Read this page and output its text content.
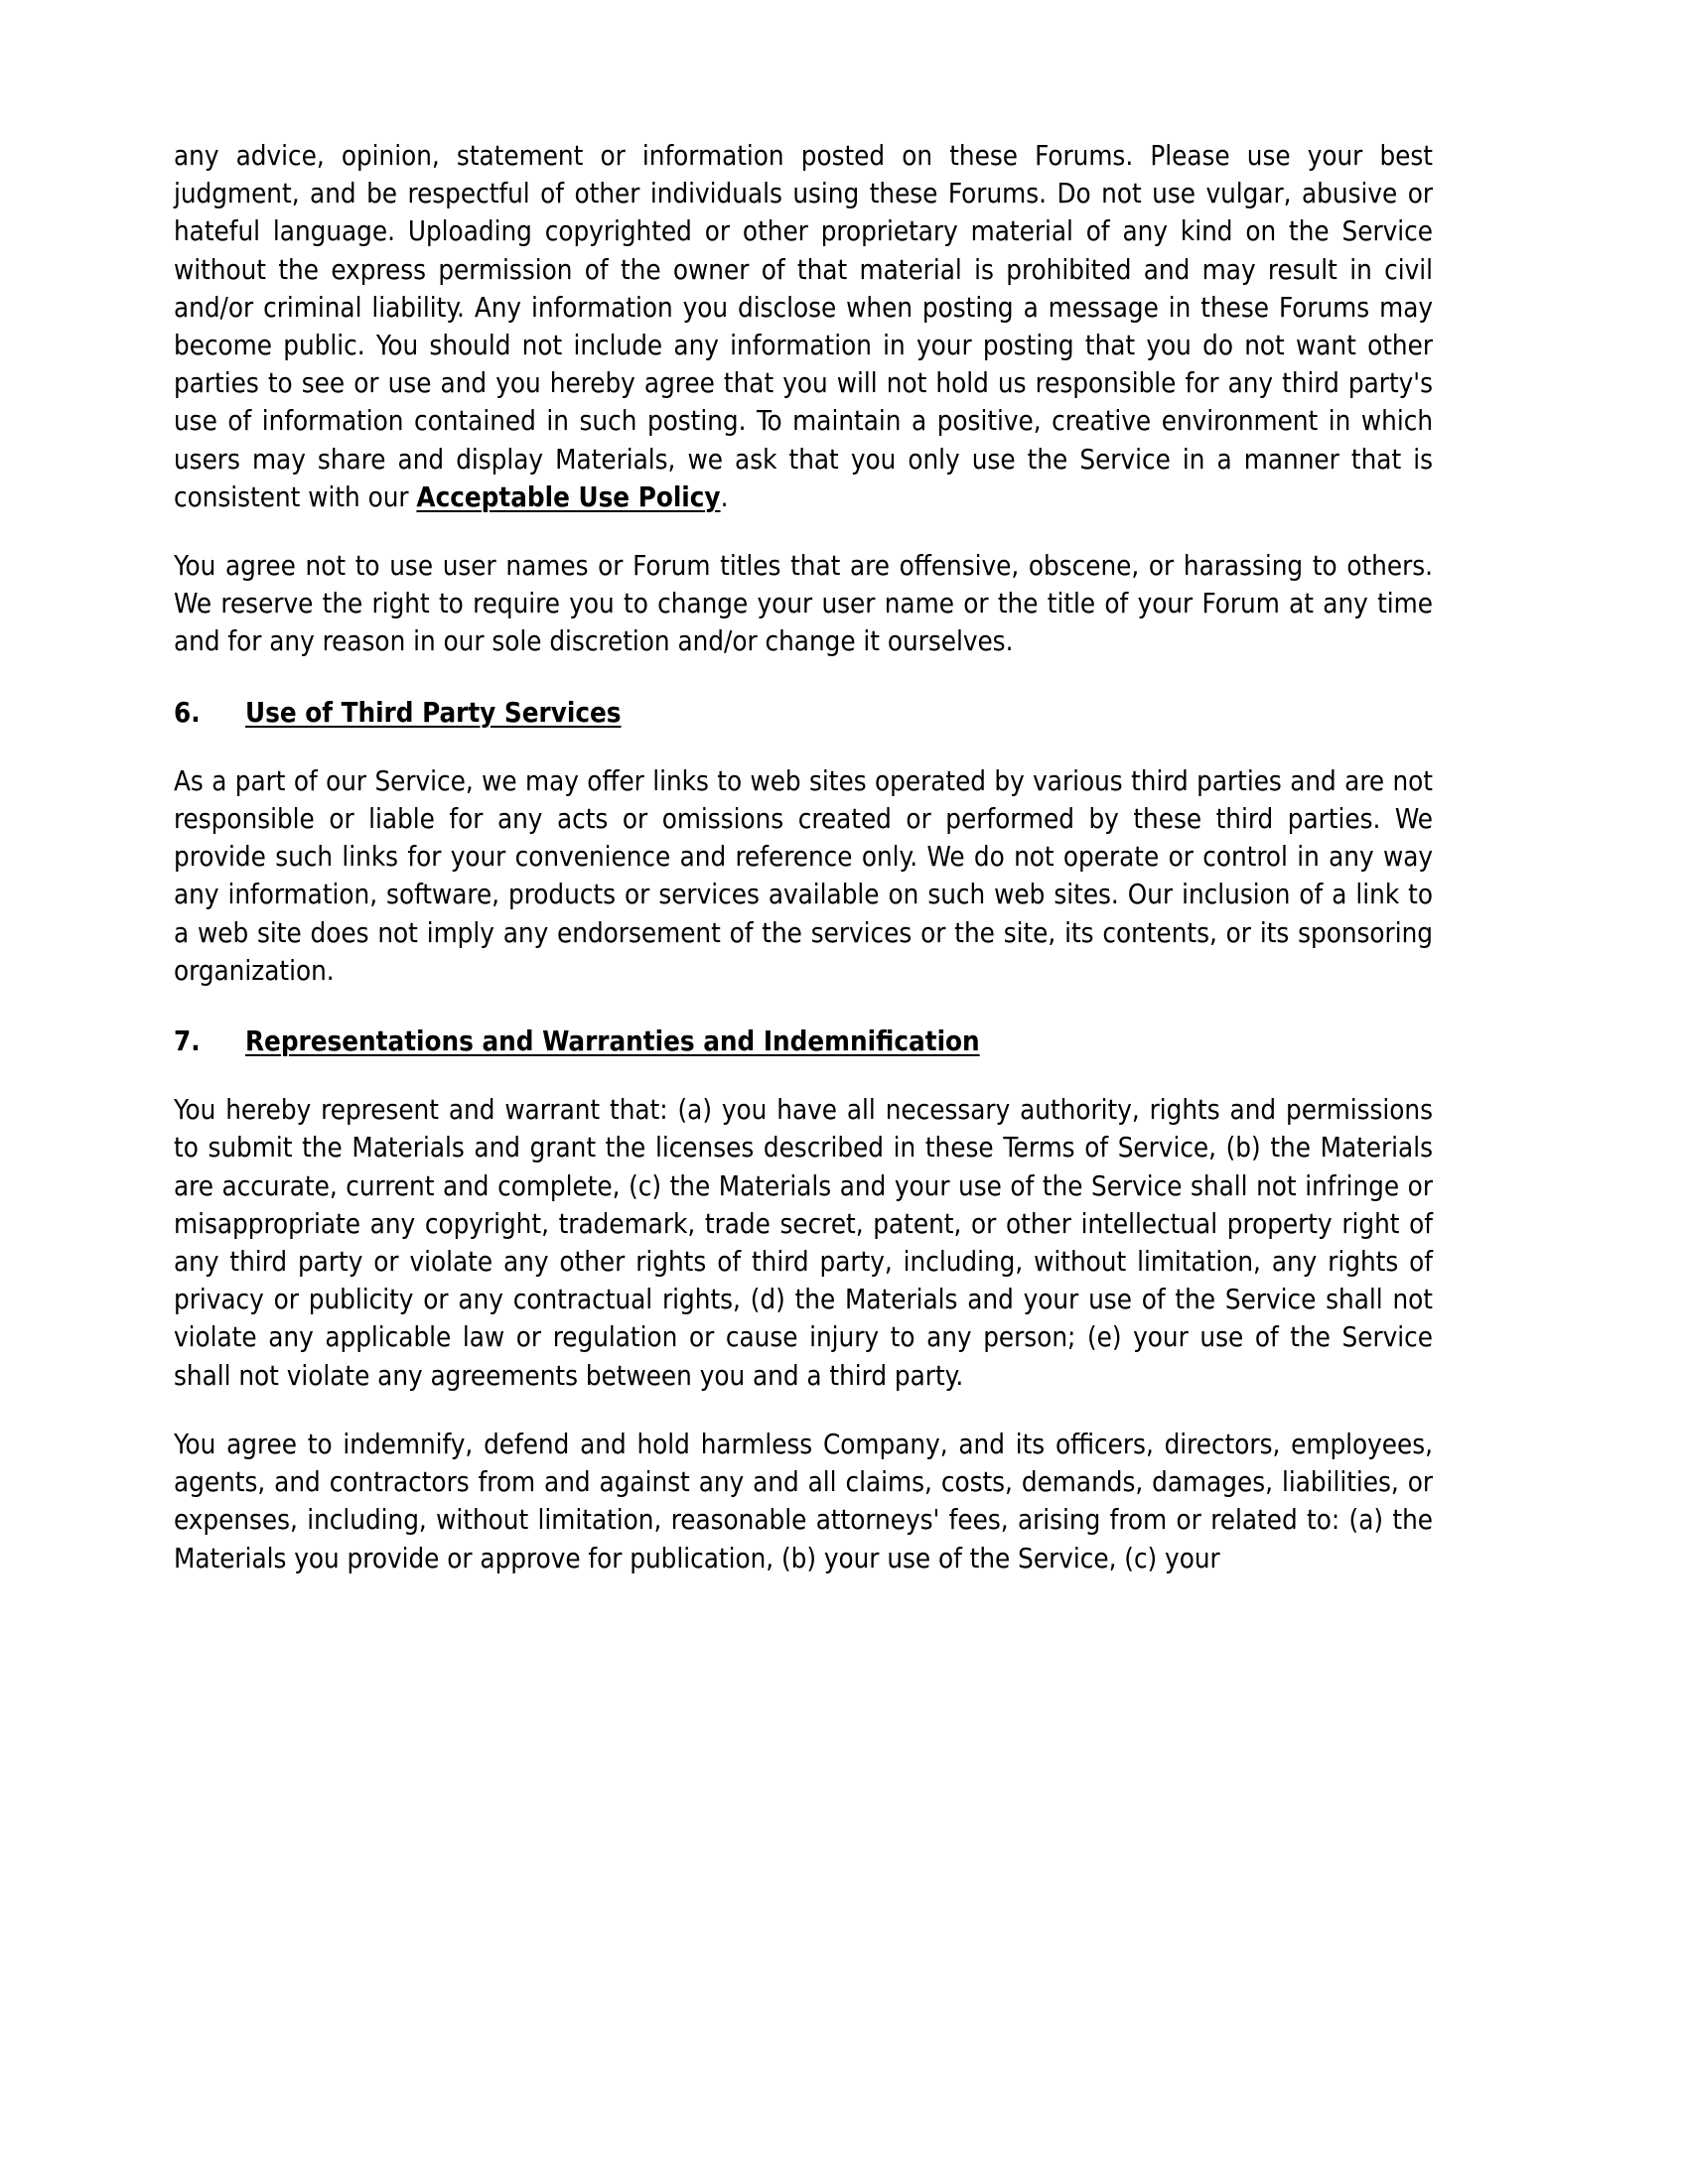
any advice, opinion, statement or information posted on these Forums. Please use your best judgment, and be respectful of other individuals using these Forums. Do not use vulgar, abusive or hateful language. Uploading copyrighted or other proprietary material of any kind on the Service without the express permission of the owner of that material is prohibited and may result in civil and/or criminal liability. Any information you disclose when posting a message in these Forums may become public. You should not include any information in your posting that you do not want other parties to see or use and you hereby agree that you will not hold us responsible for any third party's use of information contained in such posting. To maintain a positive, creative environment in which users may share and display Materials, we ask that you only use the Service in a manner that is consistent with our Acceptable Use Policy.

You agree not to use user names or Forum titles that are offensive, obscene, or harassing to others. We reserve the right to require you to change your user name or the title of your Forum at any time and for any reason in our sole discretion and/or change it ourselves.

6.	Use of Third Party Services

As a part of our Service, we may offer links to web sites operated by various third parties and are not responsible or liable for any acts or omissions created or performed by these third parties. We provide such links for your convenience and reference only. We do not operate or control in any way any information, software, products or services available on such web sites. Our inclusion of a link to a web site does not imply any endorsement of the services or the site, its contents, or its sponsoring organization.

7.	Representations and Warranties and Indemnification

You hereby represent and warrant that: (a) you have all necessary authority, rights and permissions to submit the Materials and grant the licenses described in these Terms of Service, (b) the Materials are accurate, current and complete, (c) the Materials and your use of the Service shall not infringe or misappropriate any copyright, trademark, trade secret, patent, or other intellectual property right of any third party or violate any other rights of third party, including, without limitation, any rights of privacy or publicity or any contractual rights, (d) the Materials and your use of the Service shall not violate any applicable law or regulation or cause injury to any person; (e) your use of the Service shall not violate any agreements between you and a third party.

You agree to indemnify, defend and hold harmless Company, and its officers, directors, employees, agents, and contractors from and against any and all claims, costs, demands, damages, liabilities, or expenses, including, without limitation, reasonable attorneys' fees, arising from or related to: (a) the Materials you provide or approve for publication, (b) your use of the Service, (c) your
